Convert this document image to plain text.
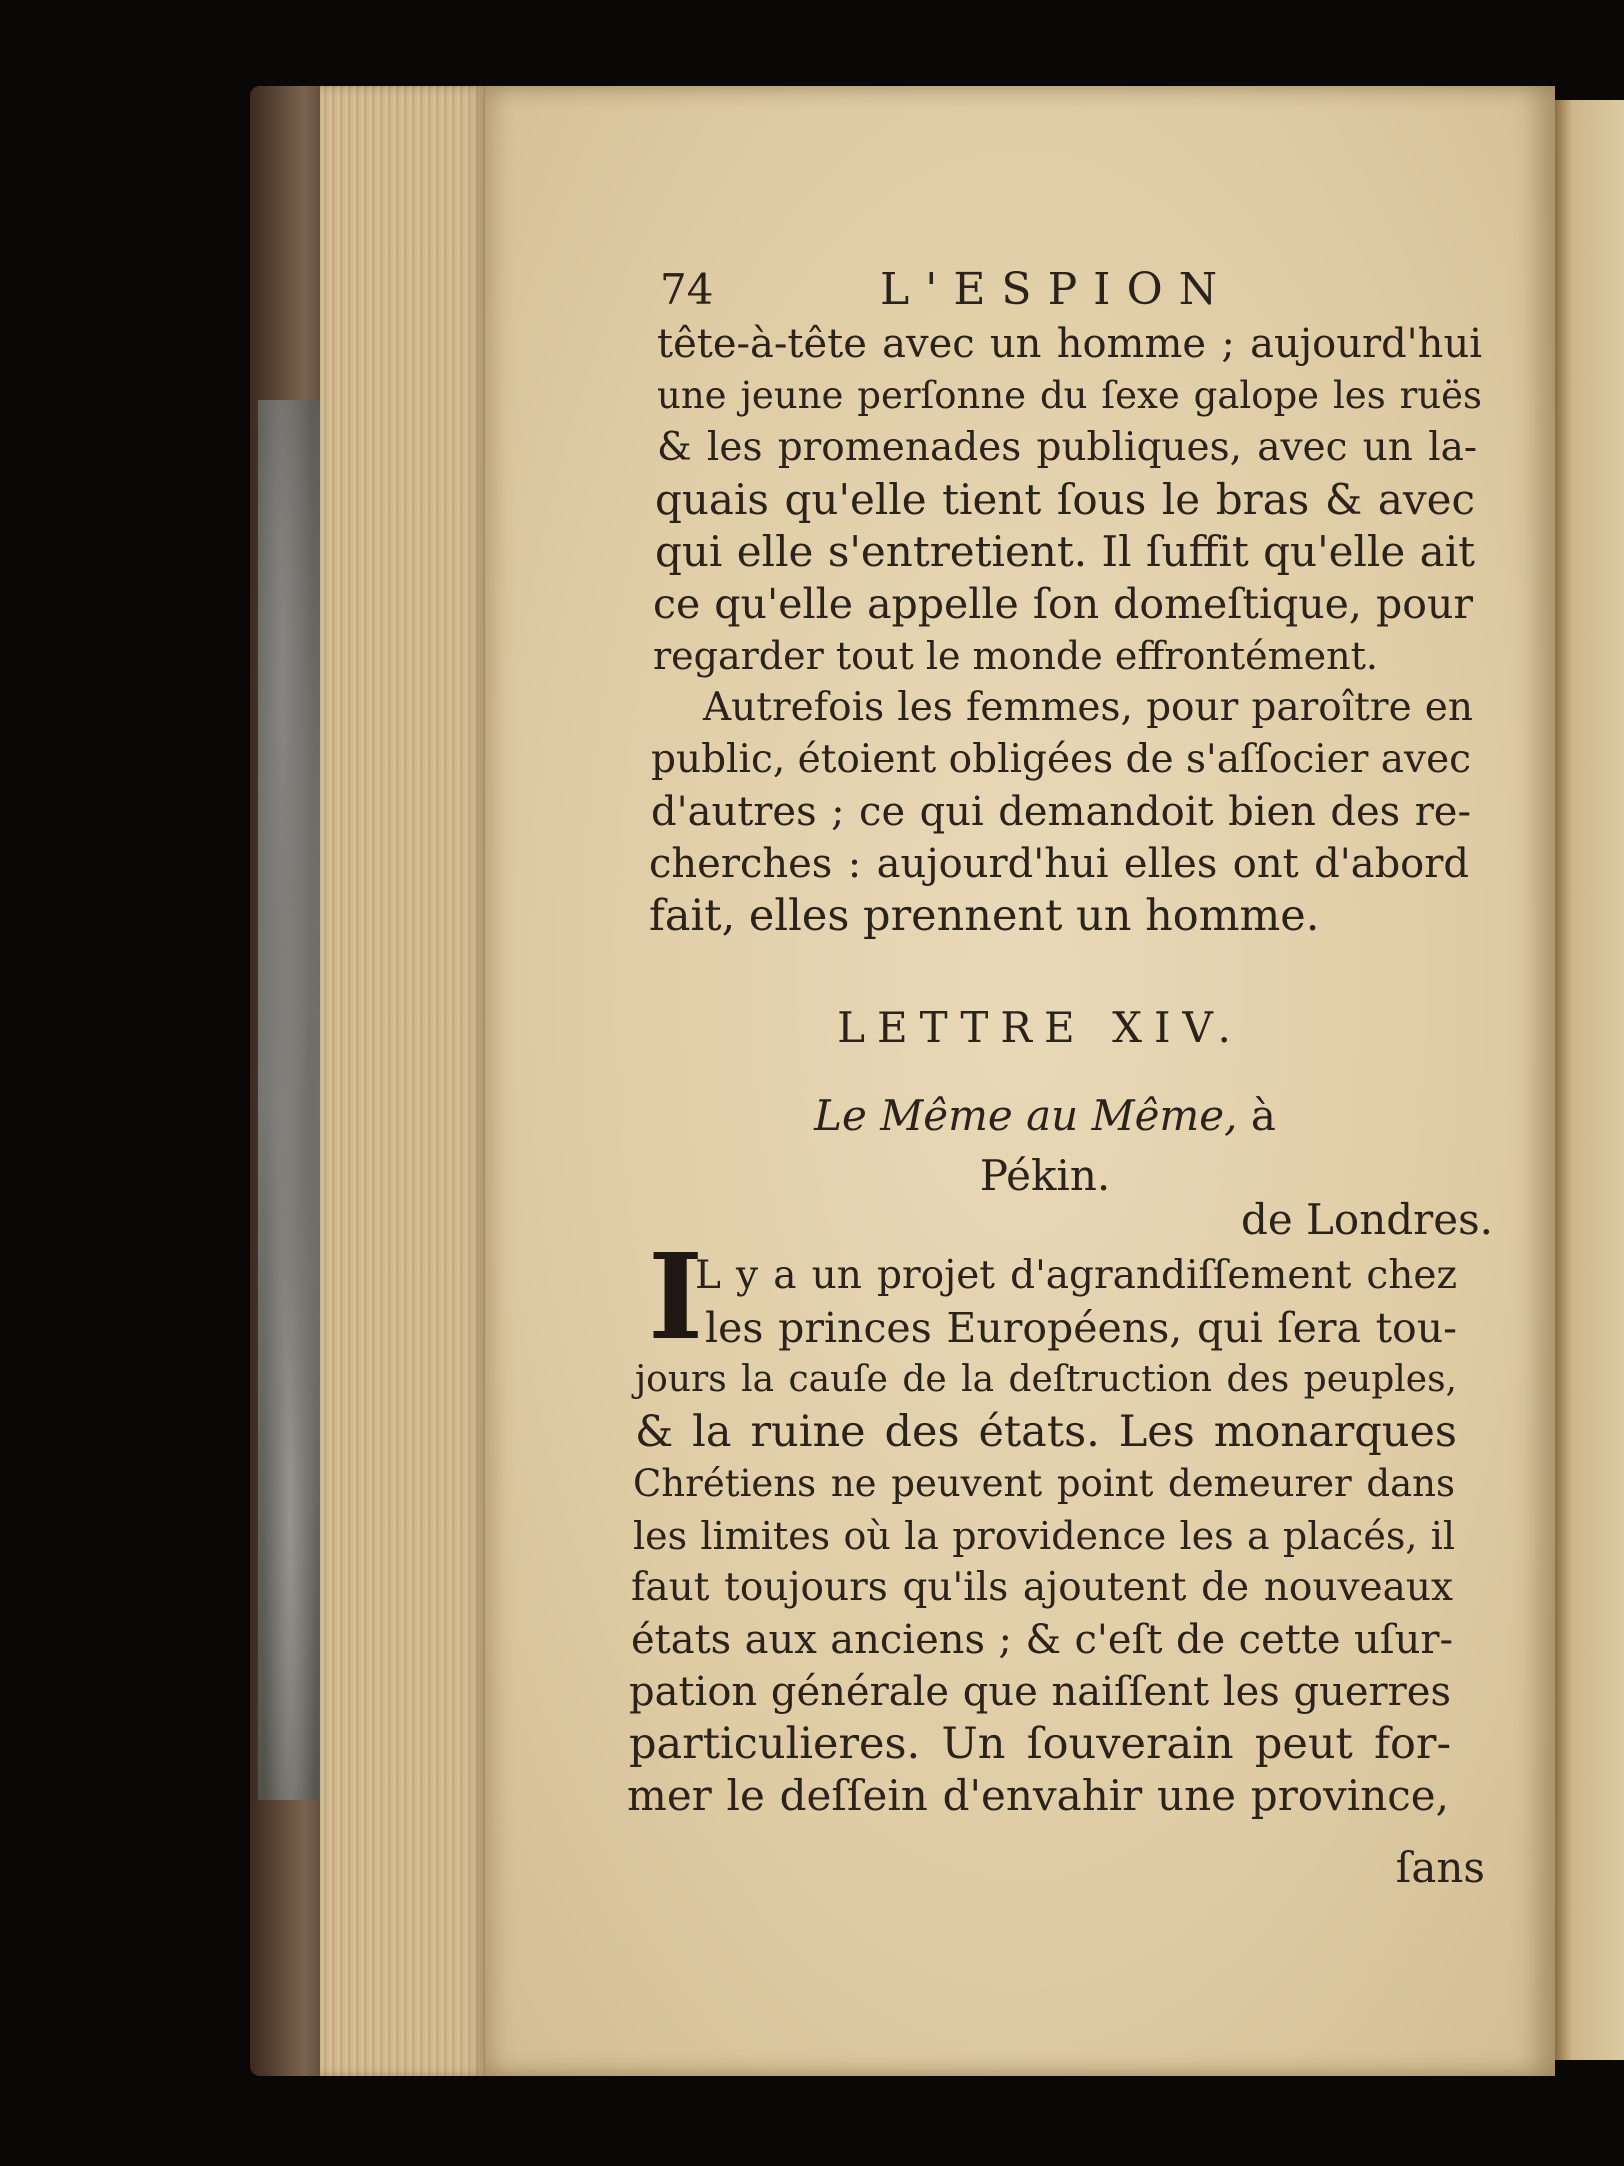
74	L'ESPION
tête-à-tête avec un homme ; aujourd'hui
une jeune perſonne du ſexe galope les ruës
& les promenades publiques, avec un la-
quais qu'elle tient ſous le bras & avec
qui elle s'entretient. Il ſuffit qu'elle ait
ce qu'elle appelle ſon domeſtique, pour
regarder tout le monde effrontément.
Autrefois les femmes, pour paroître en
public, étoient obligées de s'aſſocier avec
d'autres ; ce qui demandoit bien des re-
cherches : aujourd'hui elles ont d'abord
fait, elles prennent un homme.
LETTRE XIV.
Le Même au Même, à Pékin.
de Londres.
I
L y a un projet d'agrandiſſement chez
les princes Européens, qui ſera tou-
jours la cauſe de la deſtruction des peuples,
& la ruine des états. Les monarques
Chrétiens ne peuvent point demeurer dans
les limites où la providence les a placés, il
faut toujours qu'ils ajoutent de nouveaux
états aux anciens ; & c'eſt de cette uſur-
pation générale que naiſſent les guerres
particulieres. Un ſouverain peut for-
mer le deſſein d'envahir une province,
ſans
